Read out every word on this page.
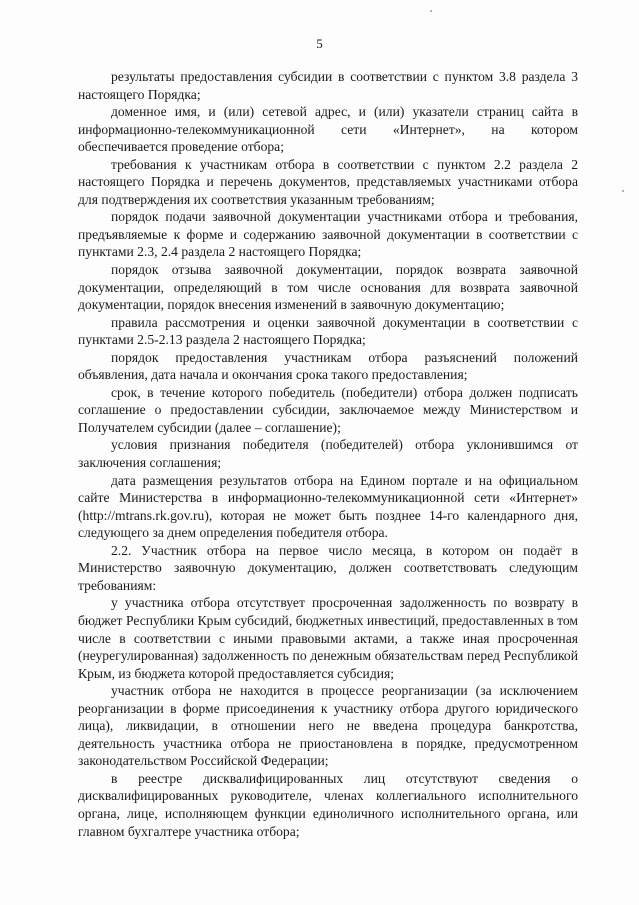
5

результаты предоставления субсидии в соответствии с пунктом 3.8 раздела 3 настоящего Порядка;

доменное имя, и (или) сетевой адрес, и (или) указатели страниц сайта в информационно-телекоммуникационной сети «Интернет», на котором обеспечивается проведение отбора;

требования к участникам отбора в соответствии с пунктом 2.2 раздела 2 настоящего Порядка и перечень документов, представляемых участниками отбора для подтверждения их соответствия указанным требованиям;

порядок подачи заявочной документации участниками отбора и требования, предъявляемые к форме и содержанию заявочной документации в соответствии с пунктами 2.3, 2.4 раздела 2 настоящего Порядка;

порядок отзыва заявочной документации, порядок возврата заявочной документации, определяющий в том числе основания для возврата заявочной документации, порядок внесения изменений в заявочную документацию;

правила рассмотрения и оценки заявочной документации в соответствии с пунктами 2.5-2.13 раздела 2 настоящего Порядка;

порядок предоставления участникам отбора разъяснений положений объявления, дата начала и окончания срока такого предоставления;

срок, в течение которого победитель (победители) отбора должен подписать соглашение о предоставлении субсидии, заключаемое между Министерством и Получателем субсидии (далее – соглашение);

условия признания победителя (победителей) отбора уклонившимся от заключения соглашения;

дата размещения результатов отбора на Едином портале и на официальном сайте Министерства в информационно-телекоммуникационной сети «Интернет» (http://mtrans.rk.gov.ru), которая не может быть позднее 14-го календарного дня, следующего за днем определения победителя отбора.

2.2. Участник отбора на первое число месяца, в котором он подаёт в Министерство заявочную документацию, должен соответствовать следующим требованиям:

у участника отбора отсутствует просроченная задолженность по возврату в бюджет Республики Крым субсидий, бюджетных инвестиций, предоставленных в том числе в соответствии с иными правовыми актами, а также иная просроченная (неурегулированная) задолженность по денежным обязательствам перед Республикой Крым, из бюджета которой предоставляется субсидия;

участник отбора не находится в процессе реорганизации (за исключением реорганизации в форме присоединения к участнику отбора другого юридического лица), ликвидации, в отношении него не введена процедура банкротства, деятельность участника отбора не приостановлена в порядке, предусмотренном законодательством Российской Федерации;

в реестре дисквалифицированных лиц отсутствуют сведения о дисквалифицированных руководителе, членах коллегиального исполнительного органа, лице, исполняющем функции единоличного исполнительного органа, или главном бухгалтере участника отбора;
